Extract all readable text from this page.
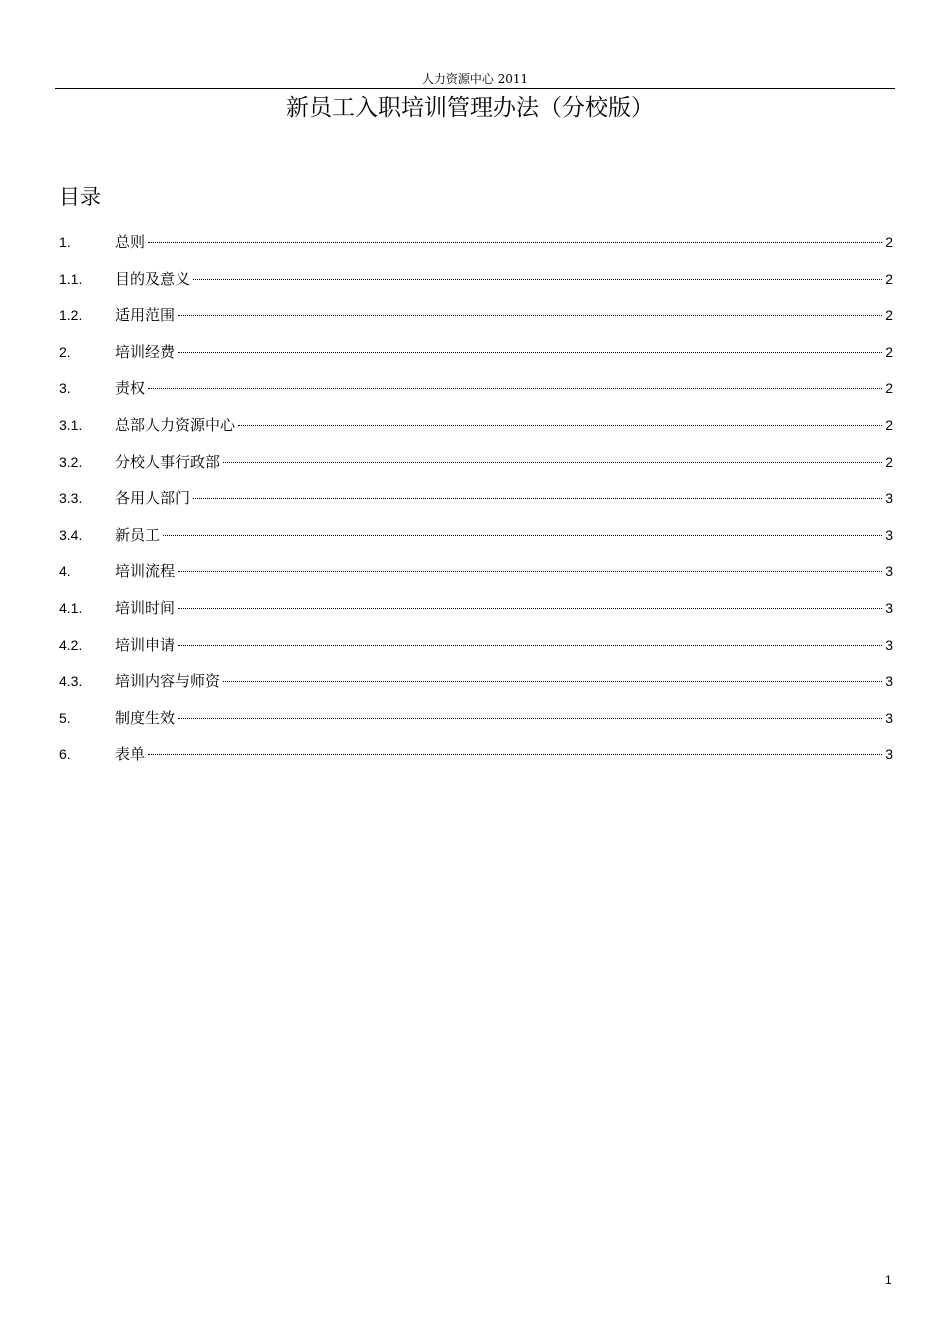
人力资源中心 2011
新员工入职培训管理办法（分校版）
目录
1.	总则	2
1.1.	目的及意义	2
1.2.	适用范围	2
2.	培训经费	2
3.	责权	2
3.1.	总部人力资源中心	2
3.2.	分校人事行政部	2
3.3.	各用人部门	3
3.4.	新员工	3
4.	培训流程	3
4.1.	培训时间	3
4.2.	培训申请	3
4.3.	培训内容与师资	3
5.	制度生效	3
6.	表单	3
1
